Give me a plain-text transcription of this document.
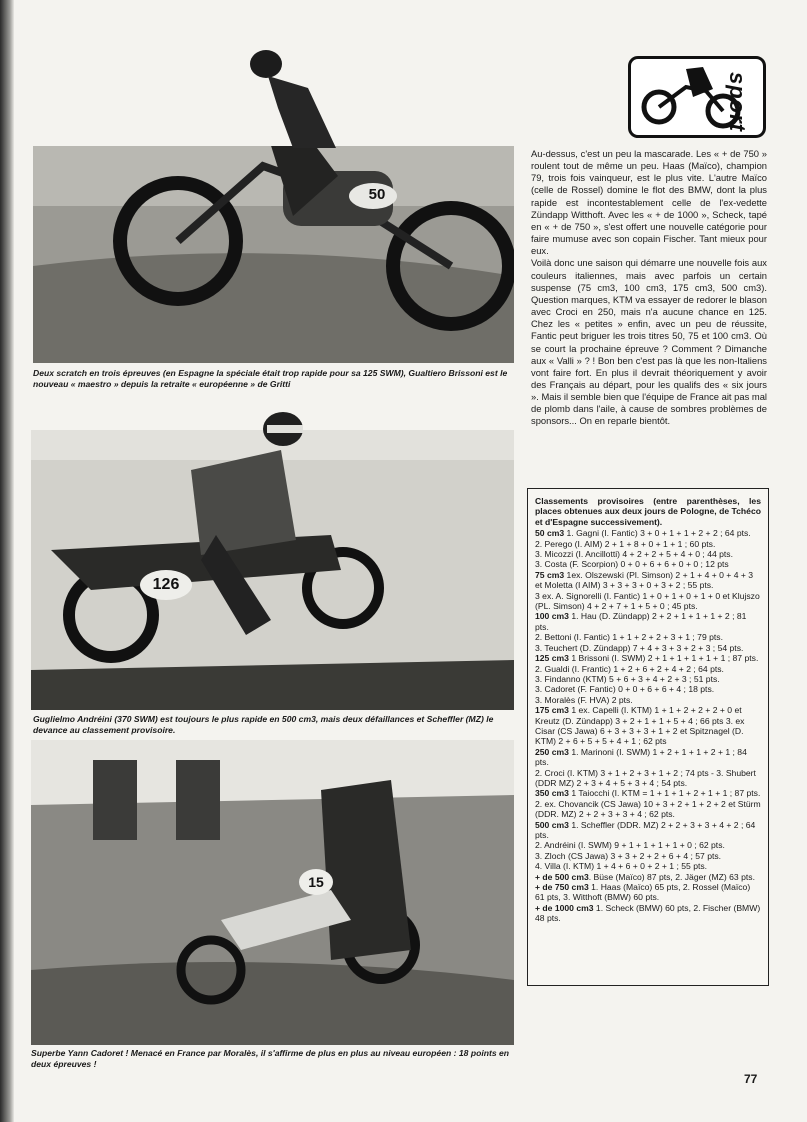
50

Deux scratch en trois épreuves (en Espagne la spéciale était trop rapide pour sa 125 SWM), Gualtiero Brissoni est le nouveau « maestro » depuis la retraite « européenne » de Gritti

126

Guglielmo Andréini (370 SWM) est toujours le plus rapide en 500 cm3, mais deux défaillances et Scheffler (MZ) le devance au classement provisoire.

15

Superbe Yann Cadoret ! Menacé en France par Moralès, il s'affirme de plus en plus au niveau européen : 18 points en deux épreuves !

sport

Au-dessus, c'est un peu la mascarade. Les « + de 750 » roulent tout de même un peu. Haas (Maïco), champion 79, trois fois vainqueur, est le plus vite. L'autre Maïco (celle de Rossel) domine le flot des BMW, dont la plus rapide est incontestablement celle de l'ex-vedette Zündapp Witthoft. Avec les « + de 1000 », Scheck, tapé en « + de 750 », s'est offert une nouvelle catégorie pour faire mumuse avec son copain Fischer. Tant mieux pour eux.

Voilà donc une saison qui démarre une nouvelle fois aux couleurs italiennes, mais avec parfois un certain suspense (75 cm3, 100 cm3, 175 cm3, 500 cm3). Question marques, KTM va essayer de redorer le blason avec Croci en 250, mais n'a aucune chance en 125. Chez les « petites » enfin, avec un peu de réussite, Fantic peut briguer les trois titres 50, 75 et 100 cm3. Où se court la prochaine épreuve ? Comment ? Dimanche aux « Valli » ? ! Bon ben c'est pas là que les non-Italiens vont faire fort. En plus il devrait théoriquement y avoir des Français au départ, pour les qualifs des « six jours ». Mais il semble bien que l'équipe de France ait pas mal de plomb dans l'aile, à cause de sombres problèmes de sponsors... On en reparle bientôt.

Classements provisoires (entre parenthèses, les places obtenues aux deux jours de Pologne, de Tchéco et d'Espagne successivement).

50 cm3 1. Gagni (I. Fantic) 3 + 0 + 1 + 1 + 2 + 2 ; 64 pts.

2. Perego (I. AIM) 2 + 1 + 8 + 0 + 1 + 1 ; 60 pts.

3. Micozzi (I. Ancillotti) 4 + 2 + 2 + 5 + 4 + 0 ; 44 pts.

3. Costa (F. Scorpion) 0 + 0 + 6 + 6 + 0 + 0 ; 12 pts

75 cm3 1ex. Olszewski (Pl. Simson) 2 + 1 + 4 + 0 + 4 + 3 et Moletta (I AIM) 3 + 3 + 3 + 0 + 3 + 2 ; 55 pts.

3 ex. A. Signorelli (I. Fantic) 1 + 0 + 1 + 0 + 1 + 0 et Klujszo (PL. Simson) 4 + 2 + 7 + 1 + 5 + 0 ; 45 pts.

100 cm3 1. Hau (D. Zündapp) 2 + 2 + 1 + 1 + 1 + 2 ; 81 pts.

2. Bettoni (I. Fantic) 1 + 1 + 2 + 2 + 3 + 1 ; 79 pts.

3. Teuchert (D. Zündapp) 7 + 4 + 3 + 3 + 2 + 3 ; 54 pts.

125 cm3 1 Brissoni (I. SWM) 2 + 1 + 1 + 1 + 1 + 1 ; 87 pts.

2. Gualdi (I. Frantic) 1 + 2 + 6 + 2 + 4 + 2 ; 64 pts.

3. Findanno (KTM) 5 + 6 + 3 + 4 + 2 + 3 ; 51 pts.

3. Cadoret (F. Fantic) 0 + 0 + 6 + 6 + 4 ; 18 pts.

3. Moralès (F. HVA) 2 pts.

175 cm3 1 ex. Capelli (I. KTM) 1 + 1 + 2 + 2 + 2 + 0 et Kreutz (D. Zündapp) 3 + 2 + 1 + 1 + 5 + 4 ; 66 pts 3. ex Cisar (CS Jawa) 6 + 3 + 3 + 3 + 1 + 2 et Spitznagel (D. KTM) 2 + 6 + 5 + 5 + 4 + 1 ; 62 pts

250 cm3 1. Marinoni (I. SWM) 1 + 2 + 1 + 1 + 2 + 1 ; 84 pts.

2. Croci (I. KTM) 3 + 1 + 2 + 3 + 1 + 2 ; 74 pts - 3. Shubert (DDR MZ) 2 + 3 + 4 + 5 + 3 + 4 ; 54 pts.

350 cm3 1 Taiocchi (I. KTM = 1 + 1 + 1 + 2 + 1 + 1 ; 87 pts.

2. ex. Chovancik (CS Jawa) 10 + 3 + 2 + 1 + 2 + 2 et Stürm (DDR. MZ) 2 + 2 + 3 + 3 + 4 ; 62 pts.

500 cm3 1. Scheffler (DDR. MZ) 2 + 2 + 3 + 3 + 4 + 2 ; 64 pts.

2. Andréini (I. SWM) 9 + 1 + 1 + 1 + 1 + 0 ; 62 pts.

3. Zloch (CS Jawa) 3 + 3 + 2 + 2 + 6 + 4 ; 57 pts.

4. Villa (I. KTM) 1 + 4 + 6 + 0 + 2 + 1 ; 55 pts.

+ de 500 cm3. Büse (Maïco) 87 pts, 2. Jäger (MZ) 63 pts.

+ de 750 cm3 1. Haas (Maïco) 65 pts, 2. Rossel (Maïco) 61 pts, 3. Witthoft (BMW) 60 pts.

+ de 1000 cm3 1. Scheck (BMW) 60 pts, 2. Fischer (BMW) 48 pts.

77
